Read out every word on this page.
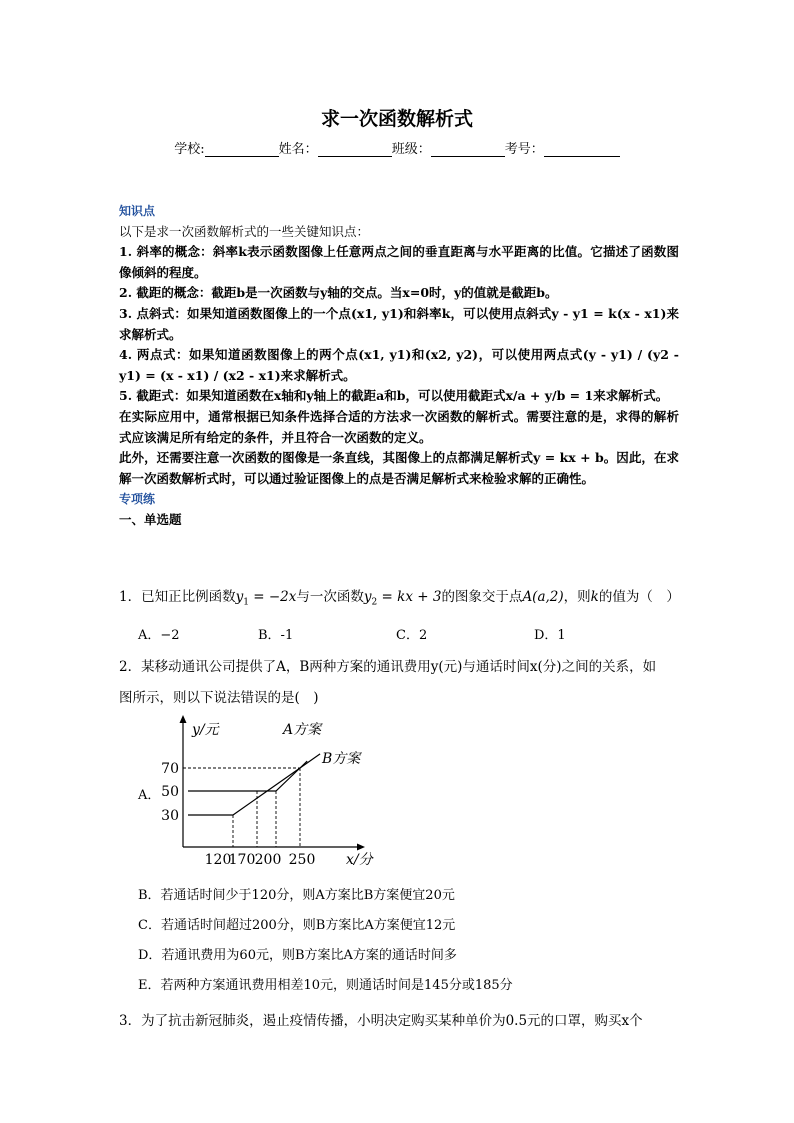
求一次函数解析式
学校:	姓名：	班级：	考号：
知识点

以下是求一次函数解析式的一些关键知识点：

1. 斜率的概念：斜率k表示函数图像上任意两点之间的垂直距离与水平距离的比值。它描述了函数图像倾斜的程度。

2. 截距的概念：截距b是一次函数与y轴的交点。当x=0时，y的值就是截距b。

3. 点斜式：如果知道函数图像上的一个点(x1, y1)和斜率k，可以使用点斜式y - y1 = k(x - x1)来求解析式。

4. 两点式：如果知道函数图像上的两个点(x1, y1)和(x2, y2)，可以使用两点式(y - y1) / (y2 - y1) = (x - x1) / (x2 - x1)来求解析式。

5. 截距式：如果知道函数在x轴和y轴上的截距a和b，可以使用截距式x/a + y/b = 1来求解析式。

在实际应用中，通常根据已知条件选择合适的方法求一次函数的解析式。需要注意的是，求得的解析式应该满足所有给定的条件，并且符合一次函数的定义。

此外，还需要注意一次函数的图像是一条直线，其图像上的点都满足解析式y = kx + b。因此，在求解一次函数解析式时，可以通过验证图像上的点是否满足解析式来检验求解的正确性。

专项练

一、单选题

1．已知正比例函数$y_1 = -2x$与一次函数$y_2$ = kx + 3的图象交于点A(a,2)，则k的值为（　）
A．−2	B．-1	C．2	D．1
2．某移动通讯公司提供了A，B两种方案的通讯费用y(元)与通话时间x(分)之间的关系，如
图所示，则以下说法错误的是(　)
A．
30
50
70
120
170 200 250
y/元
x/分
A方案
B方案
B．若通话时间少于120分，则A方案比B方案便宜20元
C．若通话时间超过200分，则B方案比A方案便宜12元
D．若通讯费用为60元，则B方案比A方案的通话时间多
E．若两种方案通讯费用相差10元，则通话时间是145分或185分
3．为了抗击新冠肺炎，遏止疫情传播，小明决定购买某种单价为0.5元的口罩，购买x个
